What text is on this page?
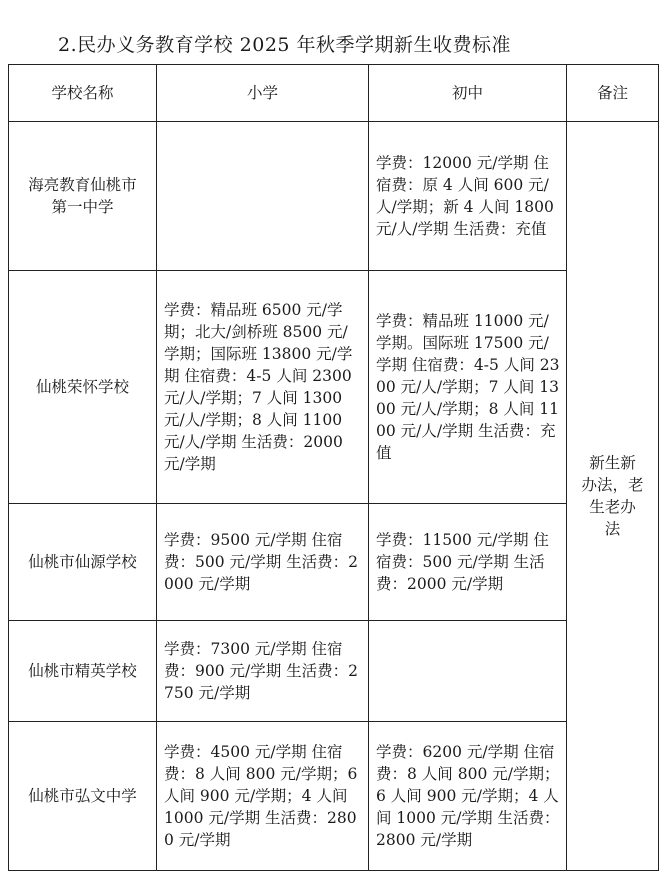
2.民办义务教育学校 2025 年秋季学期新生收费标准
学校名称	小学	初中	备注

海亮教育仙桃市
第一中学		学费：12000 元/学期 住宿费：原 4 人间 600 元/人/学期；新 4 人间 1800 元/人/学期 生活费：充值	新生新
办法，老
生老办
法

仙桃荣怀学校	学费：精品班 6500 元/学期；北大/剑桥班 8500 元/学期；国际班 13800 元/学期 住宿费：4-5 人间 2300 元/人/学期；7 人间 1300 元/人/学期；8 人间 1100 元/人/学期 生活费：2000 元/学期	学费：精品班 11000 元/学期。国际班 17500 元/学期 住宿费：4-5 人间 2300 元/人/学期；7 人间 1300 元/人/学期；8 人间 1100 元/人/学期 生活费：充值	

仙桃市仙源学校	学费：9500 元/学期 住宿费：500 元/学期 生活费：2000 元/学期	学费：11500 元/学期 住宿费：500 元/学期 生活费：2000 元/学期	

仙桃市精英学校	学费：7300 元/学期 住宿费：900 元/学期 生活费：2750 元/学期		

仙桃市弘文中学	学费：4500 元/学期 住宿费：8 人间 800 元/学期；6 人间 900 元/学期；4 人间 1000 元/学期 生活费：2800 元/学期	学费：6200 元/学期 住宿费：8 人间 800 元/学期；6 人间 900 元/学期；4 人间 1000 元/学期 生活费：2800 元/学期	
